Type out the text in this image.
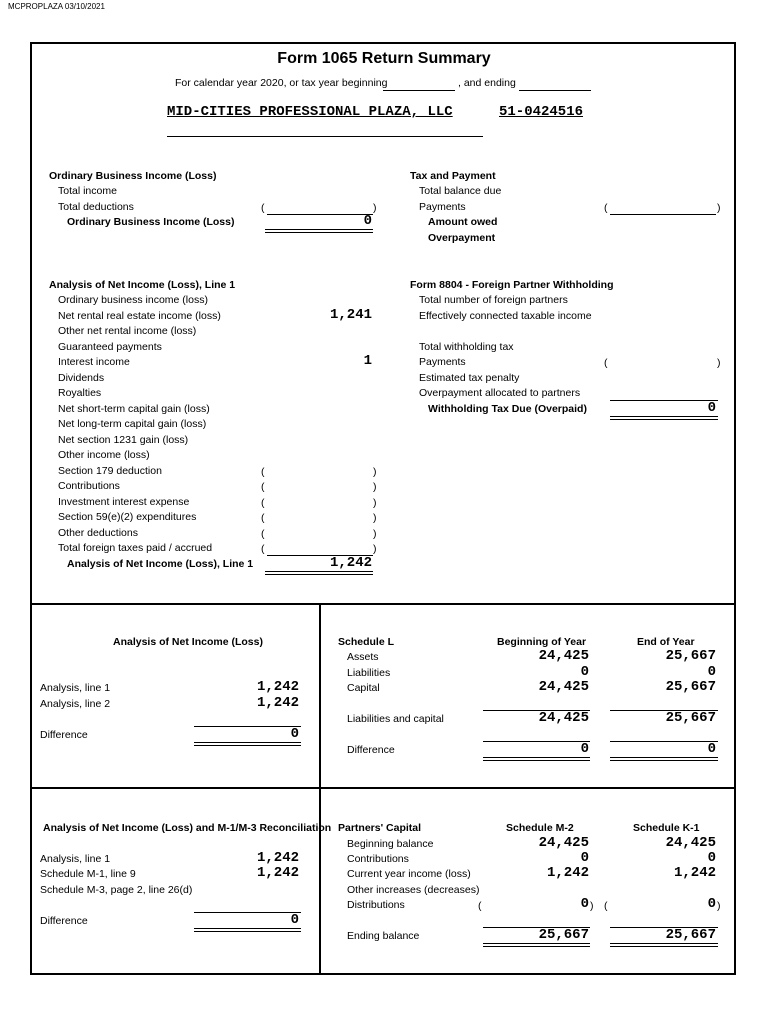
MCPROPLAZA 03/10/2021
Form 1065 Return Summary
For calendar year 2020, or tax year beginning	, and ending
MID-CITIES PROFESSIONAL PLAZA, LLC	51-0424516
Ordinary Business Income (Loss)
Total income
Total deductions	(	)
Ordinary Business Income (Loss)	0
Tax and Payment
Total balance due
Payments	(	)
Amount owed
Overpayment
Analysis of Net Income (Loss), Line 1
Ordinary business income (loss)
Net rental real estate income (loss)	1,241
Other net rental income (loss)
Guaranteed payments
Interest income	1
Dividends
Royalties
Net short-term capital gain (loss)
Net long-term capital gain (loss)
Net section 1231 gain (loss)
Other income (loss)
Section 179 deduction	(	)
Contributions	(	)
Investment interest expense	(	)
Section 59(e)(2) expenditures	(	)
Other deductions	(	)
Total foreign taxes paid / accrued	(	)
Analysis of Net Income (Loss), Line 1	1,242
Form 8804 - Foreign Partner Withholding
Total number of foreign partners
Effectively connected taxable income
Total withholding tax
Payments	(	)
Estimated tax penalty
Overpayment allocated to partners
Withholding Tax Due (Overpaid)	0
Analysis of Net Income (Loss)
Analysis, line 1	1,242
Analysis, line 2	1,242
Difference	0
Schedule L	Beginning of Year	End of Year
Assets	24,425	25,667
Liabilities	0	0
Capital	24,425	25,667
Liabilities and capital	24,425	25,667
Difference	0	0
Analysis of Net Income (Loss) and M-1/M-3 Reconciliation
Analysis, line 1	1,242
Schedule M-1, line 9	1,242
Schedule M-3, page 2, line 26(d)
Difference	0
Partners' Capital	Schedule M-2	Schedule K-1
Beginning balance	24,425	24,425
Contributions	0	0
Current year income (loss)	1,242	1,242
Other increases (decreases)
Distributions	(	0 ) (	0 )
Ending balance	25,667	25,667
